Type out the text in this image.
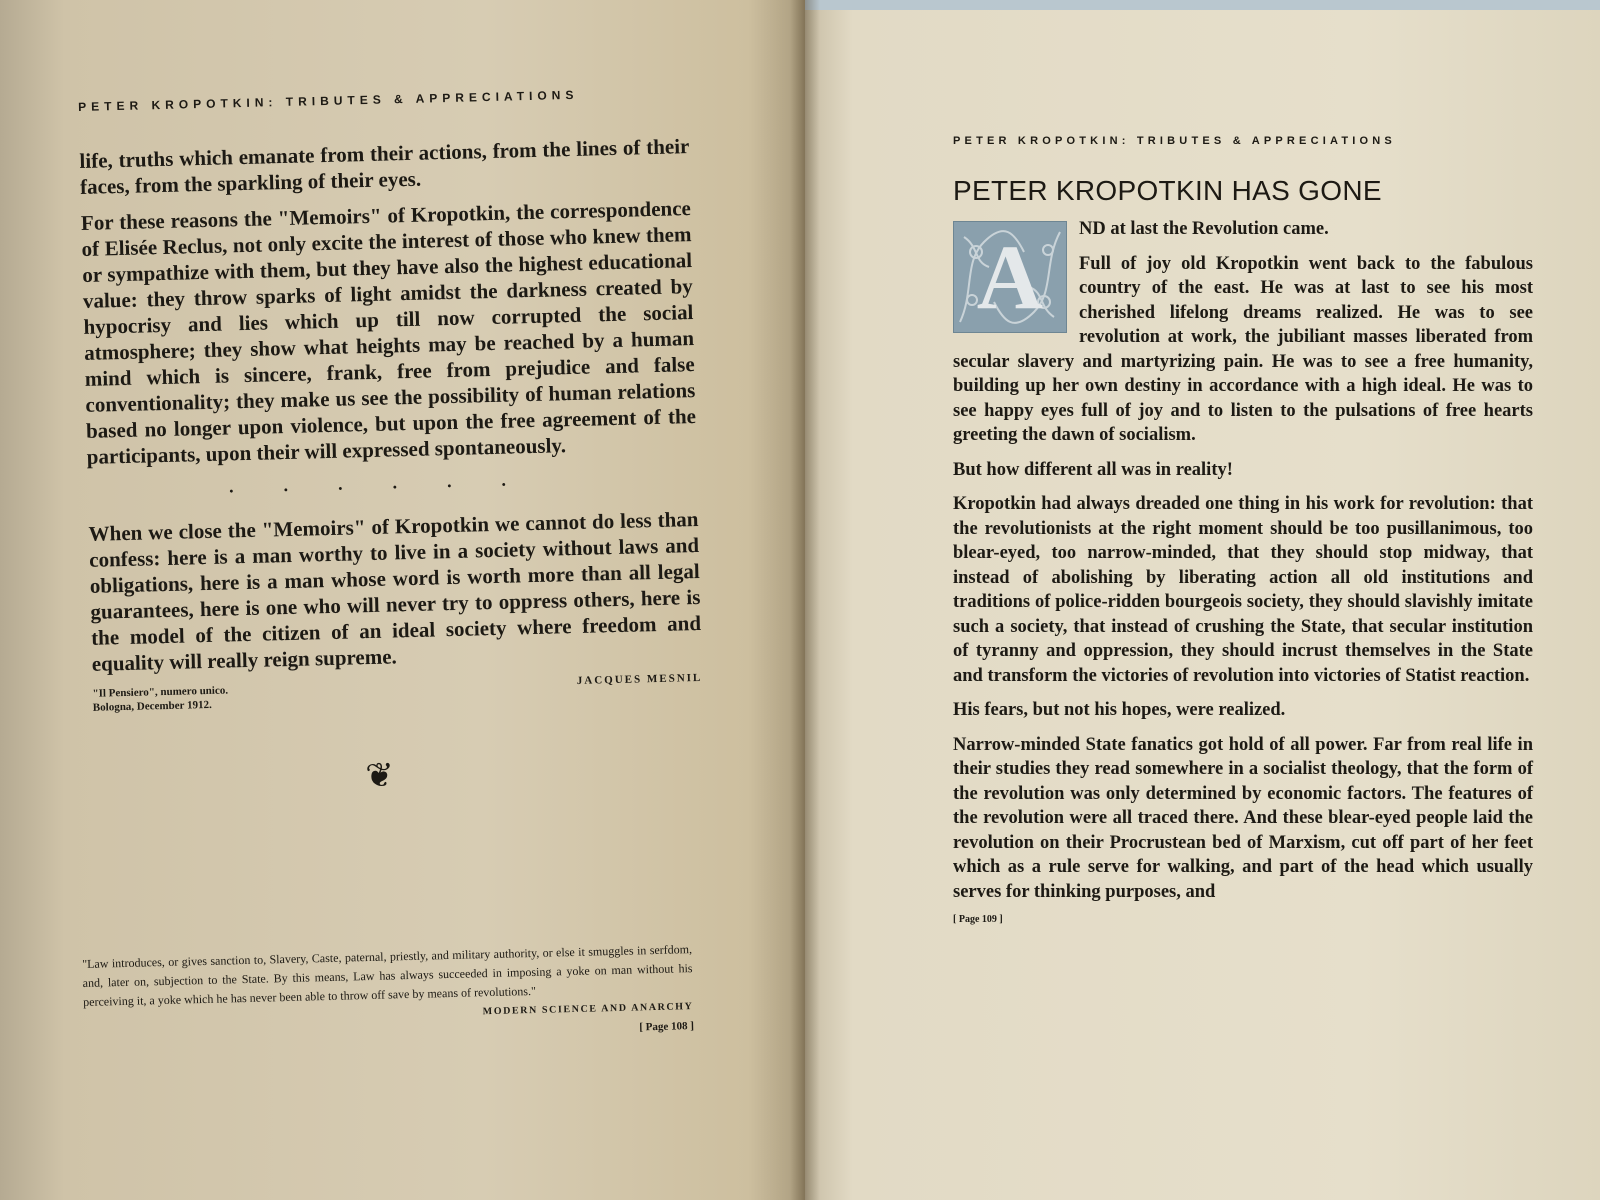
PETER KROPOTKIN: TRIBUTES & APPRECIATIONS

life, truths which emanate from their actions, from the lines of their faces, from the sparkling of their eyes.

For these reasons the "Memoirs" of Kropotkin, the correspondence of Elisée Reclus, not only excite the interest of those who knew them or sympathize with them, but they have also the highest educational value: they throw sparks of light amidst the darkness created by hypocrisy and lies which up till now corrupted the social atmosphere; they show what heights may be reached by a human mind which is sincere, frank, free from prejudice and false conventionality; they make us see the possibility of human relations based no longer upon violence, but upon the free agreement of the participants, upon their will expressed spontaneously.

......

When we close the "Memoirs" of Kropotkin we cannot do less than confess: here is a man worthy to live in a society without laws and obligations, here is a man whose word is worth more than all legal guarantees, here is one who will never try to oppress others, here is the model of the citizen of an ideal society where freedom and equality will really reign supreme.

"Il Pensiero", numero unico.
Bologna, December 1912.
JACQUES MESNIL
❦

"Law introduces, or gives sanction to, Slavery, Caste, paternal, priestly, and military authority, or else it smuggles in serfdom, and, later on, subjection to the State. By this means, Law has always succeeded in imposing a yoke on man without his perceiving it, a yoke which he has never been able to throw off save by means of revolutions."

MODERN SCIENCE AND ANARCHY
[ Page 108 ]
PETER KROPOTKIN: TRIBUTES & APPRECIATIONS
PETER KROPOTKIN HAS GONE
A	ND at last the Revolution came.

Full of joy old Kropotkin went back to the fabulous country of the east. He was at last to see his most cherished lifelong dreams realized. He was to see revolution at work, the jubiliant masses liberated from secular slavery and martyrizing pain. He was to see a free humanity, building up her own destiny in accordance with a high ideal. He was to see happy eyes full of joy and to listen to the pulsations of free hearts greeting the dawn of socialism.

But how different all was in reality!

Kropotkin had always dreaded one thing in his work for revolution: that the revolutionists at the right moment should be too pusillanimous, too blear-eyed, too narrow-minded, that they should stop midway, that instead of abolishing by liberating action all old institutions and traditions of police-ridden bourgeois society, they should slavishly imitate such a society, that instead of crushing the State, that secular institution of tyranny and oppression, they should incrust themselves in the State and transform the victories of revolution into victories of Statist reaction.

His fears, but not his hopes, were realized.

Narrow-minded State fanatics got hold of all power. Far from real life in their studies they read somewhere in a socialist theology, that the form of the revolution was only determined by economic factors. The features of the revolution were all traced there. And these blear-eyed people laid the revolution on their Procrustean bed of Marxism, cut off part of her feet which as a rule serve for walking, and part of the head which usually serves for thinking purposes, and

[ Page 109 ]
